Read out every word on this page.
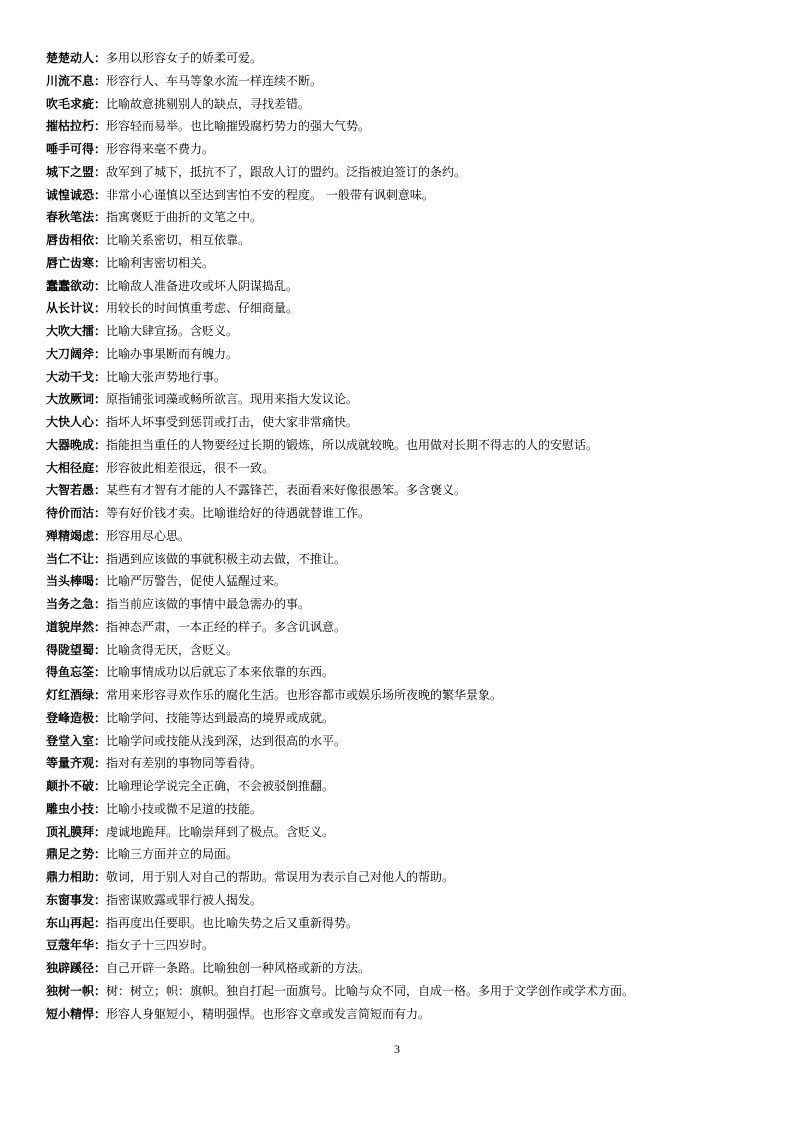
楚楚动人：多用以形容女子的娇柔可爱。
川流不息：形容行人、车马等象水流一样连续不断。
吹毛求疵：比喻故意挑剔别人的缺点，寻找差错。
摧枯拉朽：形容轻而易举。也比喻摧毁腐朽势力的强大气势。
唾手可得：形容得来毫不费力。
城下之盟：敌军到了城下，抵抗不了，跟敌人订的盟约。泛指被迫签订的条约。
诚惶诚恐：非常小心谨慎以至达到害怕不安的程度。 一般带有讽刺意味。
春秋笔法：指寓褒贬于曲折的文笔之中。
唇齿相依：比喻关系密切，相互依靠。
唇亡齿寒：比喻利害密切相关。
蠢蠢欲动：比喻敌人准备进攻或坏人阴谋捣乱。
从长计议：用较长的时间慎重考虑、仔细商量。
大吹大擂：比喻大肆宣扬。含贬义。
大刀阔斧：比喻办事果断而有魄力。
大动干戈：比喻大张声势地行事。
大放厥词：原指铺张词藻或畅所欲言。现用来指大发议论。
大快人心：指坏人坏事受到惩罚或打击，使大家非常痛快。
大器晚成：指能担当重任的人物要经过长期的锻炼，所以成就较晚。也用做对长期不得志的人的安慰话。
大相径庭：形容彼此相差很远，很不一致。
大智若愚：某些有才智有才能的人不露锋芒，表面看来好像很愚笨。多含褒义。
待价而沽：等有好价钱才卖。比喻谁给好的待遇就替谁工作。
殚精竭虑：形容用尽心思。
当仁不让：指遇到应该做的事就积极主动去做，不推让。
当头棒喝：比喻严厉警告，促使人猛醒过来。
当务之急：指当前应该做的事情中最急需办的事。
道貌岸然：指神态严肃，一本正经的样子。多含讥讽意。
得陇望蜀：比喻贪得无厌，含贬义。
得鱼忘筌：比喻事情成功以后就忘了本来依靠的东西。
灯红酒绿：常用来形容寻欢作乐的腐化生活。也形容都市或娱乐场所夜晚的繁华景象。
登峰造极：比喻学问、技能等达到最高的境界或成就。
登堂入室：比喻学问或技能从浅到深，达到很高的水平。
等量齐观：指对有差别的事物同等看待。
颠扑不破：比喻理论学说完全正确，不会被驳倒推翻。
雕虫小技：比喻小技或微不足道的技能。
顶礼膜拜：虔诚地跪拜。比喻崇拜到了极点。含贬义。
鼎足之势：比喻三方面并立的局面。
鼎力相助：敬词，用于别人对自己的帮助。常误用为表示自己对他人的帮助。
东窗事发：指密谋败露或罪行被人揭发。
东山再起：指再度出任要职。也比喻失势之后又重新得势。
豆蔻年华：指女子十三四岁时。
独辟蹊径：自己开辟一条路。比喻独创一种风格或新的方法。
独树一帜：树：树立；帜：旗帜。独自打起一面旗号。比喻与众不同，自成一格。多用于文学创作或学术方面。
短小精悍：形容人身躯短小，精明强悍。也形容文章或发言简短而有力。
3
